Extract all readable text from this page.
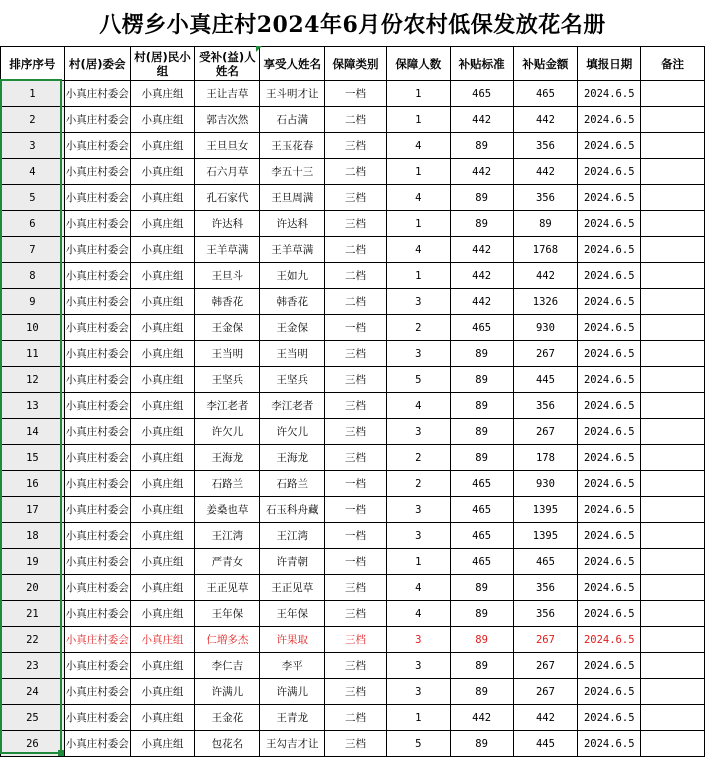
八楞乡小真庄村2024年6月份农村低保发放花名册
排序序号	村(居)委会	村(居)民小组	受补(益)人姓名	享受人姓名	保障类别	保障人数	补贴标准	补贴金额	填报日期	备注
1	小真庄村委会	小真庄组	王让吉草	王斗明才让	一档	1	465	465	2024.6.5	
2	小真庄村委会	小真庄组	郭吉次然	石占满	二档	1	442	442	2024.6.5	
3	小真庄村委会	小真庄组	王旦旦女	王玉花春	三档	4	89	356	2024.6.5	
4	小真庄村委会	小真庄组	石六月草	李五十三	二档	1	442	442	2024.6.5	
5	小真庄村委会	小真庄组	孔石家代	王旦周满	三档	4	89	356	2024.6.5	
6	小真庄村委会	小真庄组	许达科	许达科	三档	1	89	89	2024.6.5	
7	小真庄村委会	小真庄组	王羊草满	王羊草满	二档	4	442	1768	2024.6.5	
8	小真庄村委会	小真庄组	王旦斗	王如九	二档	1	442	442	2024.6.5	
9	小真庄村委会	小真庄组	韩香花	韩香花	二档	3	442	1326	2024.6.5	
10	小真庄村委会	小真庄组	王金保	王金保	一档	2	465	930	2024.6.5	
11	小真庄村委会	小真庄组	王当明	王当明	三档	3	89	267	2024.6.5	
12	小真庄村委会	小真庄组	王坚兵	王坚兵	三档	5	89	445	2024.6.5	
13	小真庄村委会	小真庄组	李江老者	李江老者	三档	4	89	356	2024.6.5	
14	小真庄村委会	小真庄组	许欠儿	许欠儿	三档	3	89	267	2024.6.5	
15	小真庄村委会	小真庄组	王海龙	王海龙	三档	2	89	178	2024.6.5	
16	小真庄村委会	小真庄组	石路兰	石路兰	一档	2	465	930	2024.6.5	
17	小真庄村委会	小真庄组	姜桑也草	石玉科舟藏	一档	3	465	1395	2024.6.5	
18	小真庄村委会	小真庄组	王江湾	王江湾	一档	3	465	1395	2024.6.5	
19	小真庄村委会	小真庄组	严青女	许青朝	一档	1	465	465	2024.6.5	
20	小真庄村委会	小真庄组	王正见草	王正见草	三档	4	89	356	2024.6.5	
21	小真庄村委会	小真庄组	王年保	王年保	三档	4	89	356	2024.6.5	
22	小真庄村委会	小真庄组	仁増多杰	许果取	三档	3	89	267	2024.6.5	
23	小真庄村委会	小真庄组	李仁吉	李平	三档	3	89	267	2024.6.5	
24	小真庄村委会	小真庄组	许满儿	许满儿	三档	3	89	267	2024.6.5	
25	小真庄村委会	小真庄组	王金花	王青龙	二档	1	442	442	2024.6.5	
26	小真庄村委会	小真庄组	包花名	王勾吉才让	三档	5	89	445	2024.6.5	
